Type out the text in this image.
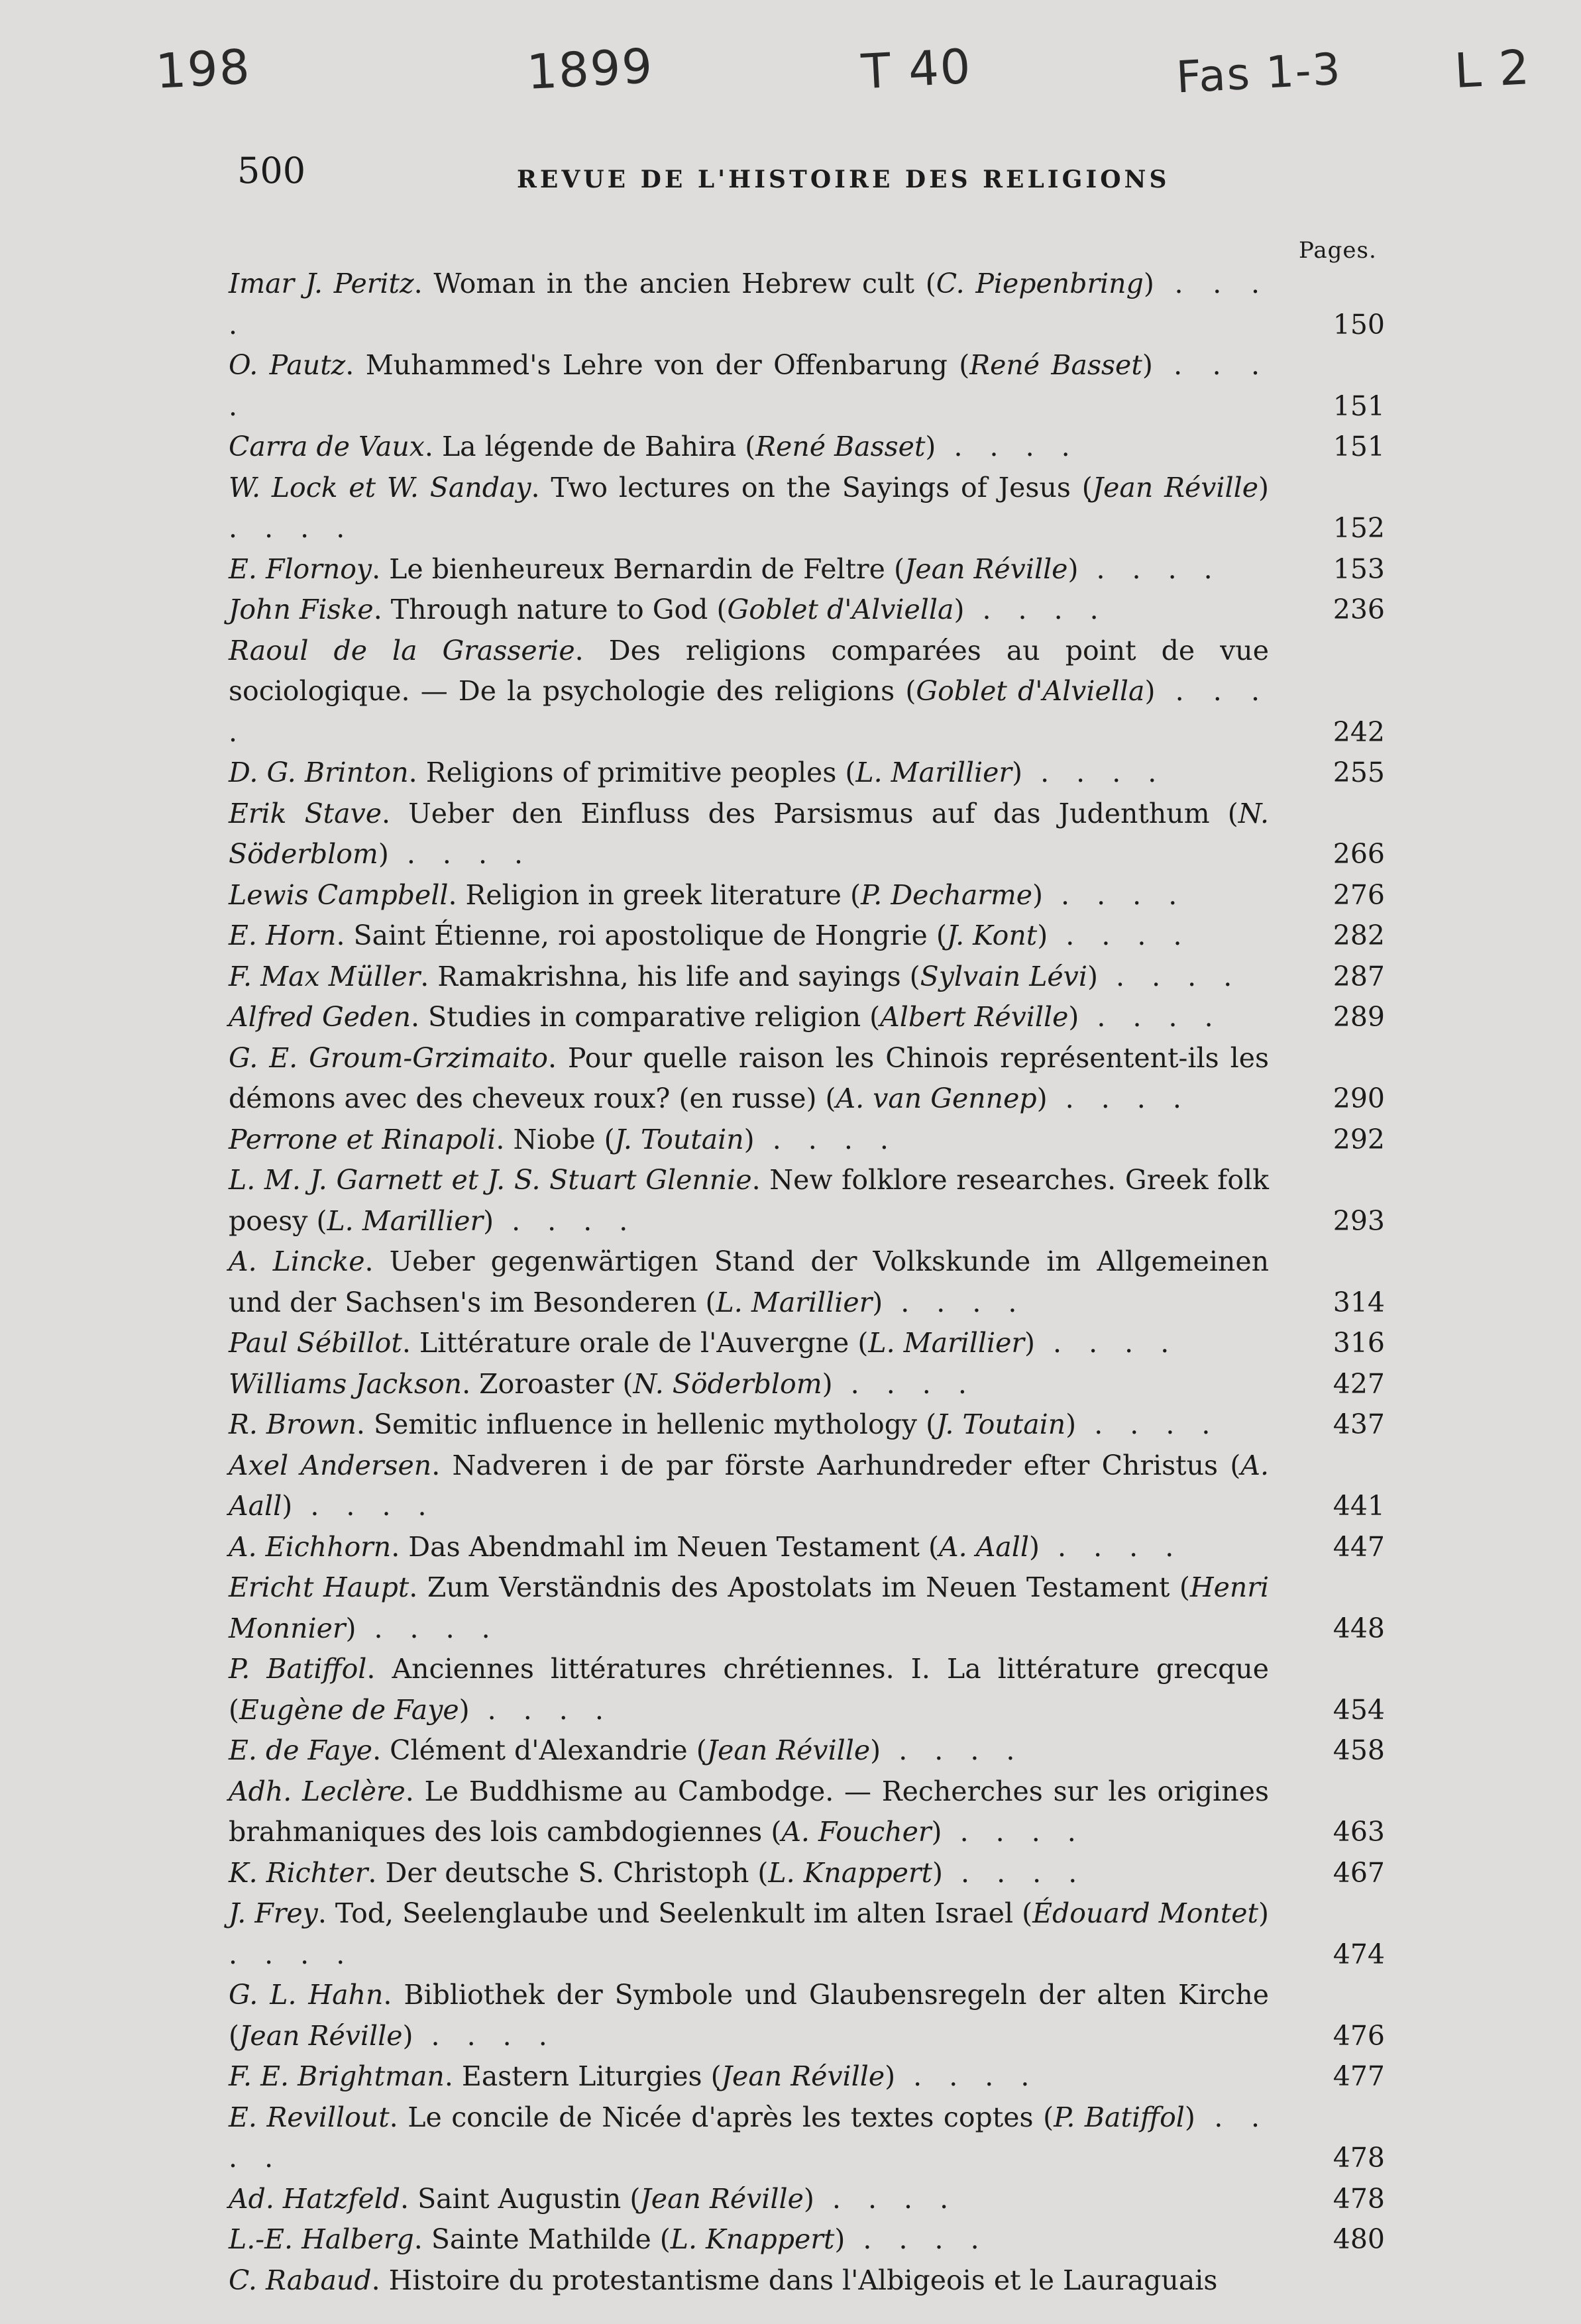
198	1899	T 40	Fas 1-3 L 2
500	REVUE DE L'HISTOIRE DES RELIGIONS
Pages.
Imar J. Peritz. Woman in the ancien Hebrew cult (C. Piepenbring) . . . .	150
O. Pautz. Muhammed's Lehre von der Offenbarung (René Basset) . . . .	151
Carra de Vaux. La légende de Bahira (René Basset) . . . .	151
W. Lock et W. Sanday. Two lectures on the Sayings of Jesus (Jean Réville) . . . .	152
E. Flornoy. Le bienheureux Bernardin de Feltre (Jean Réville) . . . .	153
John Fiske. Through nature to God (Goblet d'Alviella) . . . .	236
Raoul de la Grasserie. Des religions comparées au point de vue sociologique. — De la psychologie des religions (Goblet d'Alviella) . . . .	242
D. G. Brinton. Religions of primitive peoples (L. Marillier) . . . .	255
Erik Stave. Ueber den Einfluss des Parsismus auf das Judenthum (N. Söderblom) . . . .	266
Lewis Campbell. Religion in greek literature (P. Decharme) . . . .	276
E. Horn. Saint Étienne, roi apostolique de Hongrie (J. Kont) . . . .	282
F. Max Müller. Ramakrishna, his life and sayings (Sylvain Lévi) . . . .	287
Alfred Geden. Studies in comparative religion (Albert Réville) . . . .	289
G. E. Groum-Grzimaito. Pour quelle raison les Chinois représentent-ils les démons avec des cheveux roux? (en russe) (A. van Gennep) . . . .	290
Perrone et Rinapoli. Niobe (J. Toutain) . . . .	292
L. M. J. Garnett et J. S. Stuart Glennie. New folklore researches. Greek folk poesy (L. Marillier) . . . .	293
A. Lincke. Ueber gegenwärtigen Stand der Volkskunde im Allgemeinen und der Sachsen's im Besonderen (L. Marillier) . . . .	314
Paul Sébillot. Littérature orale de l'Auvergne (L. Marillier) . . . .	316
Williams Jackson. Zoroaster (N. Söderblom) . . . .	427
R. Brown. Semitic influence in hellenic mythology (J. Toutain) . . . .	437
Axel Andersen. Nadveren i de par förste Aarhundreder efter Christus (A. Aall) . . . .	441
A. Eichhorn. Das Abendmahl im Neuen Testament (A. Aall) . . . .	447
Ericht Haupt. Zum Verständnis des Apostolats im Neuen Testament (Henri Monnier) . . . .	448
P. Batiffol. Anciennes littératures chrétiennes. I. La littérature grecque (Eugène de Faye) . . . .	454
E. de Faye. Clément d'Alexandrie (Jean Réville) . . . .	458
Adh. Leclère. Le Buddhisme au Cambodge. — Recherches sur les origines brahmaniques des lois cambdogiennes (A. Foucher) . . . .	463
K. Richter. Der deutsche S. Christoph (L. Knappert) . . . .	467
J. Frey. Tod, Seelenglaube und Seelenkult im alten Israel (Édouard Montet) . . . .	474
G. L. Hahn. Bibliothek der Symbole und Glaubensregeln der alten Kirche (Jean Réville) . . . .	476
F. E. Brightman. Eastern Liturgies (Jean Réville) . . . .	477
E. Revillout. Le concile de Nicée d'après les textes coptes (P. Batiffol) . . . .	478
Ad. Hatzfeld. Saint Augustin (Jean Réville) . . . .	478
L.-E. Halberg. Sainte Mathilde (L. Knappert) . . . .	480
C. Rabaud. Histoire du protestantisme dans l'Albigeois et le Lauraguais
